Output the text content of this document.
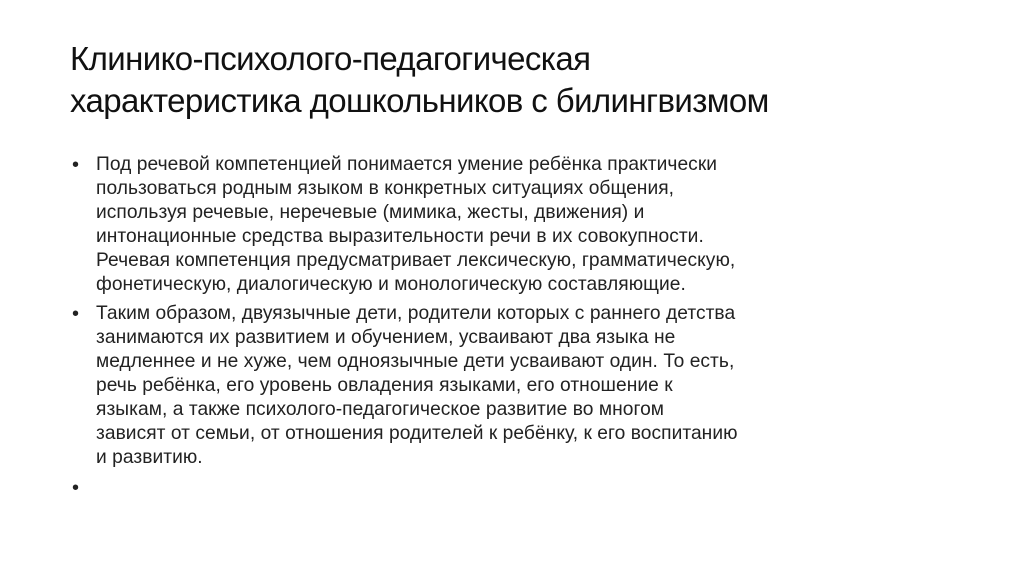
Клинико-психолого-педагогическая
характеристика дошкольников с билингвизмом
• Под речевой компетенцией понимается умение ребёнка практически
пользоваться родным языком в конкретных ситуациях общения,
используя речевые, неречевые (мимика, жесты, движения) и
интонационные средства выразительности речи в их совокупности.
Речевая компетенция предусматривает лексическую, грамматическую,
фонетическую, диалогическую и монологическую составляющие.

• Таким образом, двуязычные дети, родители которых с раннего детства
занимаются их развитием и обучением, усваивают два языка не
медленнее и не хуже, чем одноязычные дети усваивают один. То есть,
речь ребёнка, его уровень овладения языками, его отношение к
языкам, а также психолого-педагогическое развитие во многом
зависят от семьи, от отношения родителей к ребёнку, к его воспитанию
и развитию.

•
